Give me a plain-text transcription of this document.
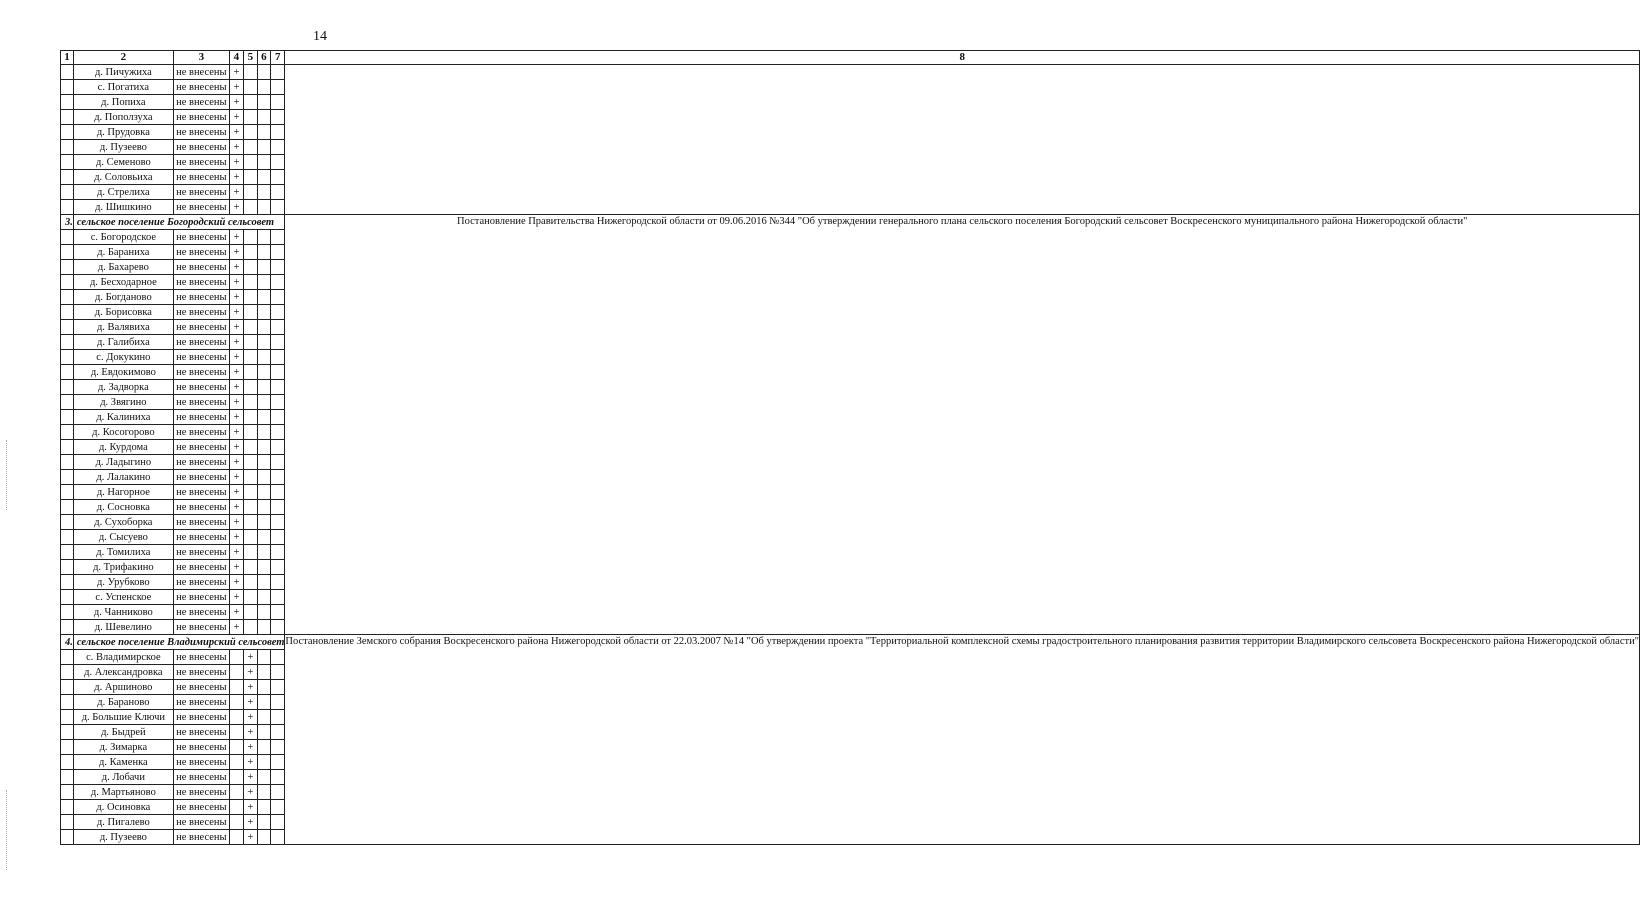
14
1	2	3	4	5	6	7	8
	д. Пичужиха	не внесены	+				
	с. Погатиха	не внесены	+				
	д. Попиха	не внесены	+				
	д. Поползуха	не внесены	+				
	д. Прудовка	не внесены	+				
	д. Пузеево	не внесены	+				
	д. Семеново	не внесены	+				
	д. Соловьиха	не внесены	+				
	д. Стрелиха	не внесены	+				
	д. Шишкино	не внесены	+				
3.	сельское поселение Богородский сельсовет						Постановление Правительства Нижегородской области от 09.06.2016 №344 "Об утверждении генерального плана сельского поселения Богородский сельсовет Воскресенского муниципального района Нижегородской области"
	с. Богородское	не внесены	+				
	д. Бараниха	не внесены	+				
	д. Бахарево	не внесены	+				
	д. Бесходарное	не внесены	+				
	д. Богданово	не внесены	+				
	д. Борисовка	не внесены	+				
	д. Валявиха	не внесены	+				
	д. Галибиха	не внесены	+				
	с. Докукино	не внесены	+				
	д. Евдокимово	не внесены	+				
	д. Задворка	не внесены	+				
	д. Звягино	не внесены	+				
	д. Калиниха	не внесены	+				
	д. Косогорово	не внесены	+				
	д. Курдома	не внесены	+				
	д. Ладыгино	не внесены	+				
	д. Лалакино	не внесены	+				
	д. Нагорное	не внесены	+				
	д. Сосновка	не внесены	+				
	д. Сухоборка	не внесены	+				
	д. Сысуево	не внесены	+				
	д. Томилиха	не внесены	+				
	д. Трифакино	не внесены	+				
	д. Урубково	не внесены	+				
	с. Успенское	не внесены	+				
	д. Чанниково	не внесены	+				
	д. Шевелино	не внесены	+				
4.	сельское поселение Владимирский сельсовет						Постановление Земского собрания Воскресенского района Нижегородской области от 22.03.2007 №14 "Об утверждении проекта "Территориальной комплексной схемы градостроительного планирования развития территории Владимирского сельсовета Воскресенского района Нижегородской области"
	с. Владимирское	не внесены		+			
	д. Александровка	не внесены		+			
	д. Аршиново	не внесены		+			
	д. Бараново	не внесены		+			
	д. Большие Ключи	не внесены		+			
	д. Быдрей	не внесены		+			
	д. Зимарка	не внесены		+			
	д. Каменка	не внесены		+			
	д. Лобачи	не внесены		+			
	д. Мартьяново	не внесены		+			
	д. Осиновка	не внесены		+			
	д. Пигалево	не внесены		+			
	д. Пузеево	не внесены		+			
